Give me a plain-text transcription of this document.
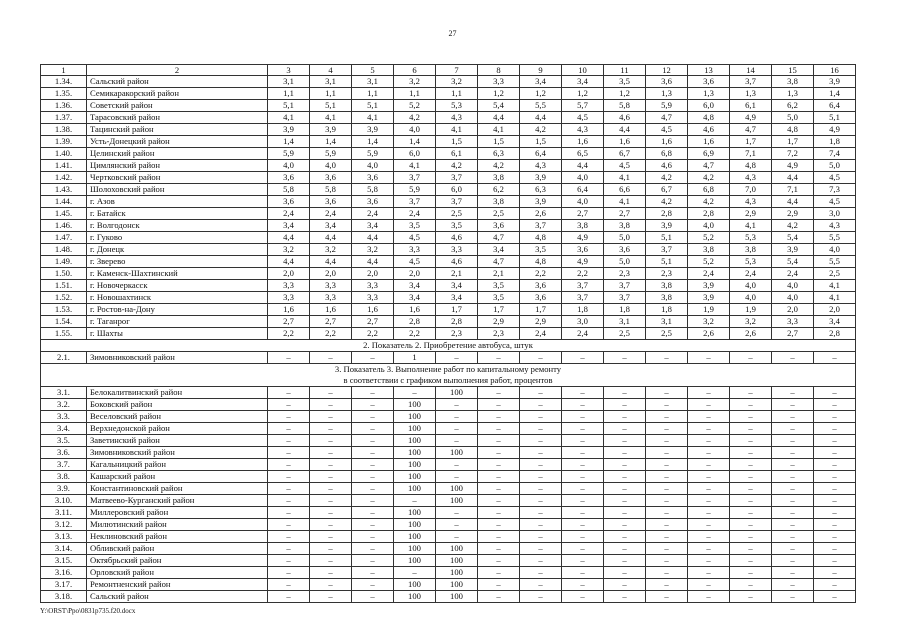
27
1	2	3	4	5	6	7	8	9	10	11	12	13	14	15	16
1.34.	Сальский район	3,1	3,1	3,1	3,2	3,2	3,3	3,4	3,4	3,5	3,6	3,6	3,7	3,8	3,9
1.35.	Семикаракорский район	1,1	1,1	1,1	1,1	1,1	1,2	1,2	1,2	1,2	1,3	1,3	1,3	1,3	1,4
1.36.	Советский район	5,1	5,1	5,1	5,2	5,3	5,4	5,5	5,7	5,8	5,9	6,0	6,1	6,2	6,4
1.37.	Тарасовский район	4,1	4,1	4,1	4,2	4,3	4,4	4,4	4,5	4,6	4,7	4,8	4,9	5,0	5,1
1.38.	Тацинский район	3,9	3,9	3,9	4,0	4,1	4,1	4,2	4,3	4,4	4,5	4,6	4,7	4,8	4,9
1.39.	Усть-Донецкий район	1,4	1,4	1,4	1,4	1,5	1,5	1,5	1,6	1,6	1,6	1,6	1,7	1,7	1,8
1.40.	Целинский район	5,9	5,9	5,9	6,0	6,1	6,3	6,4	6,5	6,7	6,8	6,9	7,1	7,2	7,4
1.41.	Цимлянский район	4,0	4,0	4,0	4,1	4,2	4,2	4,3	4,4	4,5	4,6	4,7	4,8	4,9	5,0
1.42.	Чертковский район	3,6	3,6	3,6	3,7	3,7	3,8	3,9	4,0	4,1	4,2	4,2	4,3	4,4	4,5
1.43.	Шолоховский район	5,8	5,8	5,8	5,9	6,0	6,2	6,3	6,4	6,6	6,7	6,8	7,0	7,1	7,3
1.44.	г. Азов	3,6	3,6	3,6	3,7	3,7	3,8	3,9	4,0	4,1	4,2	4,2	4,3	4,4	4,5
1.45.	г. Батайск	2,4	2,4	2,4	2,4	2,5	2,5	2,6	2,7	2,7	2,8	2,8	2,9	2,9	3,0
1.46.	г. Волгодонск	3,4	3,4	3,4	3,5	3,5	3,6	3,7	3,8	3,8	3,9	4,0	4,1	4,2	4,3
1.47.	г. Гуково	4,4	4,4	4,4	4,5	4,6	4,7	4,8	4,9	5,0	5,1	5,2	5,3	5,4	5,5
1.48.	г. Донецк	3,2	3,2	3,2	3,3	3,3	3,4	3,5	3,6	3,6	3,7	3,8	3,8	3,9	4,0
1.49.	г. Зверево	4,4	4,4	4,4	4,5	4,6	4,7	4,8	4,9	5,0	5,1	5,2	5,3	5,4	5,5
1.50.	г. Каменск-Шахтинский	2,0	2,0	2,0	2,0	2,1	2,1	2,2	2,2	2,3	2,3	2,4	2,4	2,4	2,5
1.51.	г. Новочеркасск	3,3	3,3	3,3	3,4	3,4	3,5	3,6	3,7	3,7	3,8	3,9	4,0	4,0	4,1
1.52.	г. Новошахтинск	3,3	3,3	3,3	3,4	3,4	3,5	3,6	3,7	3,7	3,8	3,9	4,0	4,0	4,1
1.53.	г. Ростов-на-Дону	1,6	1,6	1,6	1,6	1,7	1,7	1,7	1,8	1,8	1,8	1,9	1,9	2,0	2,0
1.54.	г. Таганрог	2,7	2,7	2,7	2,8	2,8	2,9	2,9	3,0	3,1	3,1	3,2	3,2	3,3	3,4
1.55.	г. Шахты	2,2	2,2	2,2	2,2	2,3	2,3	2,4	2,4	2,5	2,5	2,6	2,6	2,7	2,8
2. Показатель 2. Приобретение автобуса, штук															
2.1.	Зимовниковский район	–	–	–	1	–	–	–	–	–	–	–	–	–	–
3. Показатель 3. Выполнение работ по капитальному ремонту
в соответствии с графиком выполнения работ, процентов															
3.1.	Белокалитвинский район	–	–	–	–	100	–	–	–	–	–	–	–	–	–
3.2.	Боковский район	–	–	–	100	–	–	–	–	–	–	–	–	–	–
3.3.	Веселовский район	–	–	–	100	–	–	–	–	–	–	–	–	–	–
3.4.	Верхнедонской район	–	–	–	100	–	–	–	–	–	–	–	–	–	–
3.5.	Заветинский район	–	–	–	100	–	–	–	–	–	–	–	–	–	–
3.6.	Зимовниковский район	–	–	–	100	100	–	–	–	–	–	–	–	–	–
3.7.	Кагальницкий район	–	–	–	100	–	–	–	–	–	–	–	–	–	–
3.8.	Кашарский район	–	–	–	100	–	–	–	–	–	–	–	–	–	–
3.9.	Константиновский район	–	–	–	100	100	–	–	–	–	–	–	–	–	–
3.10.	Матвеево-Курганский район	–	–	–	–	100	–	–	–	–	–	–	–	–	–
3.11.	Миллеровский район	–	–	–	100	–	–	–	–	–	–	–	–	–	–
3.12.	Милютинский район	–	–	–	100	–	–	–	–	–	–	–	–	–	–
3.13.	Неклиновский район	–	–	–	100	–	–	–	–	–	–	–	–	–	–
3.14.	Обливский район	–	–	–	100	100	–	–	–	–	–	–	–	–	–
3.15.	Октябрьский район	–	–	–	100	100	–	–	–	–	–	–	–	–	–
3.16.	Орловский район	–	–	–	–	100	–	–	–	–	–	–	–	–	–
3.17.	Ремонтненский район	–	–	–	100	100	–	–	–	–	–	–	–	–	–
3.18.	Сальский район	–	–	–	100	100	–	–	–	–	–	–	–	–	–
Y:\ORST\Ppo\0831p735.f20.docx
